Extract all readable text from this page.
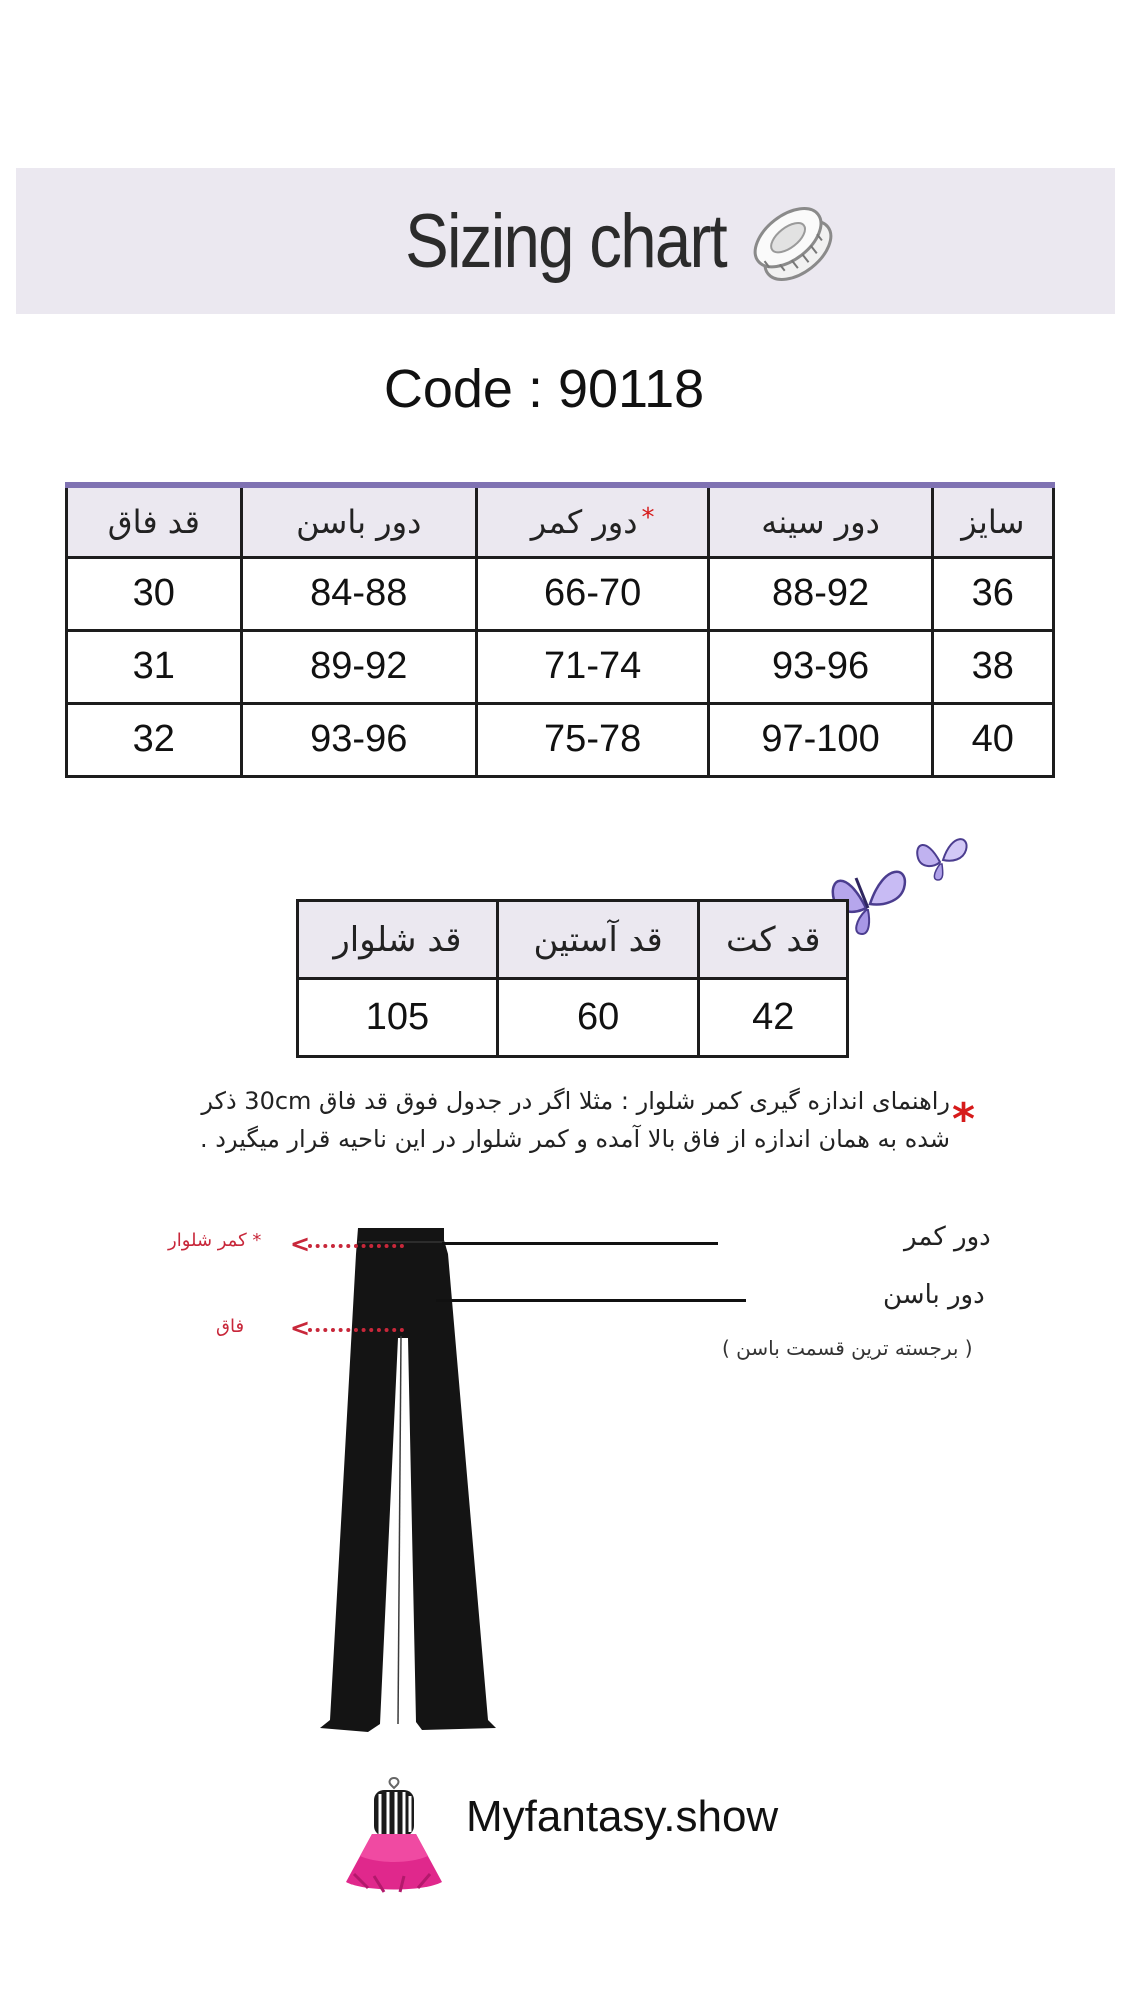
Sizing chart
Code : 90118
سایز	دور سینه	*دور کمر	دور باسن	قد فاق
36	88-92	66-70	84-88	30
38	93-96	71-74	89-92	31
40	97-100	75-78	93-96	32
قد کت	قد آستین	قد شلوار
42	60	105
*
راهنمای اندازه گیری کمر شلوار : مثلا اگر در جدول فوق قد فاق 30cm ذکر
شده به همان اندازه از فاق بالا آمده و کمر شلوار در این ناحیه قرار میگیرد .
* کمر شلوار <
فاق <
دور کمر
دور باسن
( برجسته ترین قسمت باسن )
Myfantasy.show
